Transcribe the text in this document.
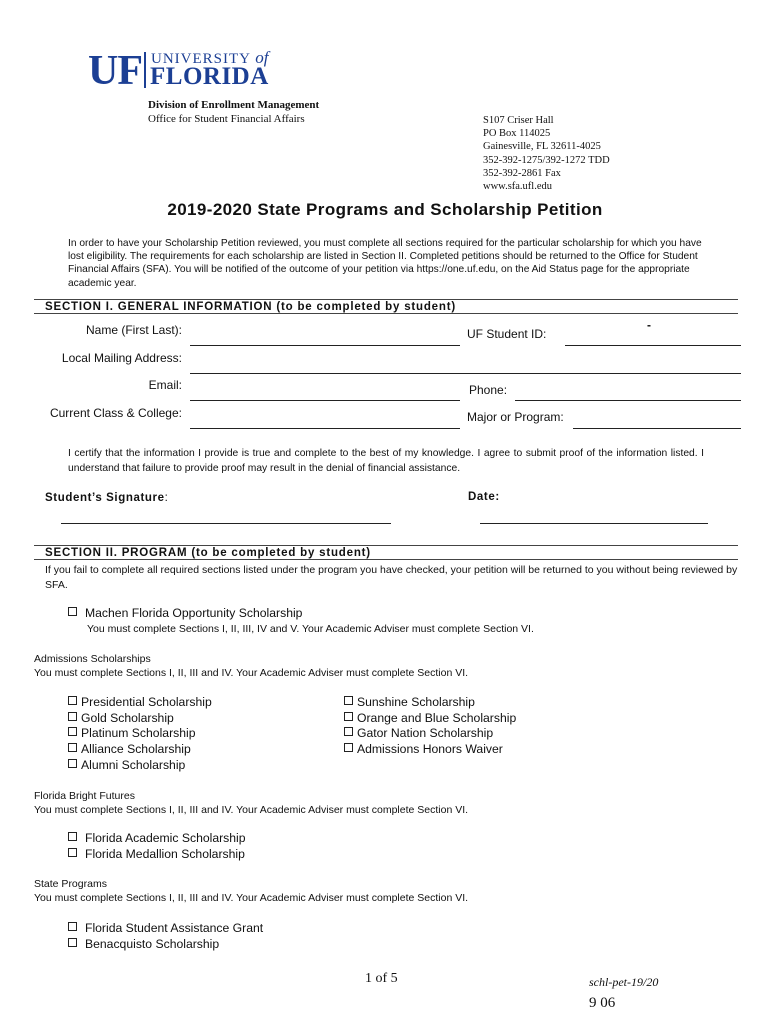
UF UNIVERSITY of
FLORIDA
Division of Enrollment Management
Office for Student Financial Affairs	S107 Criser Hall
PO Box 114025
Gainesville, FL 32611-4025
352-392-1275/392-1272 TDD
352-392-2861 Fax
www.sfa.ufl.edu
2019-2020 State Programs and Scholarship Petition
In order to have your Scholarship Petition reviewed, you must complete all sections required for the particular scholarship for which you have lost eligibility. The requirements for each scholarship are listed in Section II. Completed petitions should be returned to the Office for Student Financial Affairs (SFA). You will be notified of the outcome of your petition via https://one.uf.edu, on the Aid Status page for the appropriate academic year.
SECTION I. GENERAL INFORMATION (to be completed by student)
Name (First Last):	UF Student ID:
-
Local Mailing Address:
Email:	Phone:
Current Class & College:	Major or Program:
I certify that the information I provide is true and complete to the best of my knowledge. I agree to submit proof of the information listed. I understand that failure to provide proof may result in the denial of financial assistance.
Student’s Signature:	Date:
SECTION II. PROGRAM (to be completed by student)
If you fail to complete all required sections listed under the program you have checked, your petition will be returned to you without being reviewed by SFA.
Machen Florida Opportunity Scholarship
You must complete Sections I, II, III, IV and V. Your Academic Adviser must complete Section VI.
Admissions Scholarships
You must complete Sections I, II, III and IV. Your Academic Adviser must complete Section VI.
Presidential Scholarship
Gold Scholarship
Platinum Scholarship
Alliance Scholarship
Alumni Scholarship
Sunshine Scholarship
Orange and Blue Scholarship
Gator Nation Scholarship
Admissions Honors Waiver
Florida Bright Futures
You must complete Sections I, II, III and IV. Your Academic Adviser must complete Section VI.
Florida Academic Scholarship
Florida Medallion Scholarship
State Programs
You must complete Sections I, II, III and IV. Your Academic Adviser must complete Section VI.
Florida Student Assistance Grant
Benacquisto Scholarship
1 of 5	schl-pet-19/20
9 06
